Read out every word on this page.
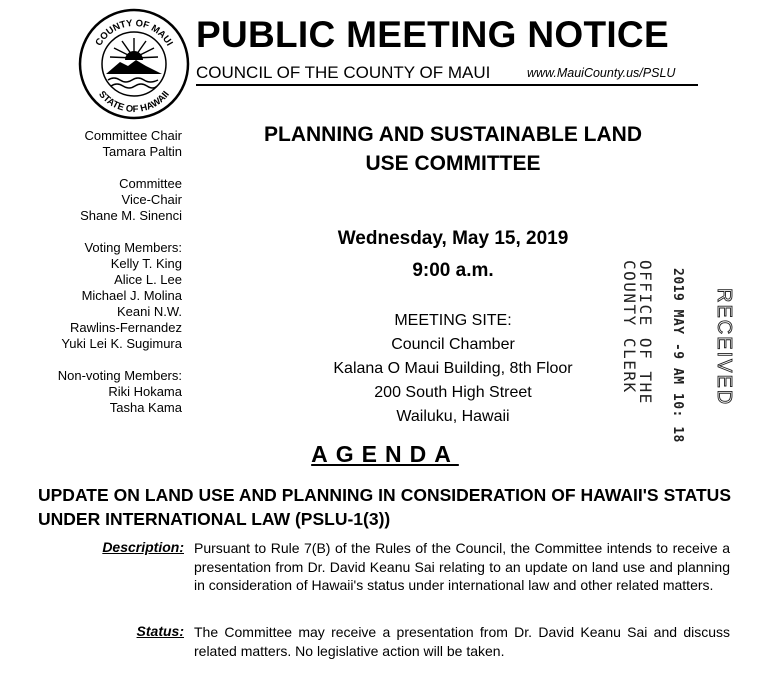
COUNTY OF MAUI
STATE OF HAWAII
PUBLIC MEETING NOTICE
COUNCIL OF THE COUNTY OF MAUI	www.MauiCounty.us/PSLU
Committee Chair
Tamara Paltin
Committee
Vice-Chair
Shane M. Sinenci
Voting Members:
Kelly T. King
Alice L. Lee
Michael J. Molina
Keani N.W.
Rawlins-Fernandez
Yuki Lei K. Sugimura
Non-voting Members:
Riki Hokama
Tasha Kama
PLANNING AND SUSTAINABLE LAND
USE COMMITTEE
Wednesday, May 15, 2019
9:00 a.m.
MEETING SITE:
Council Chamber
Kalana O Maui Building, 8th Floor
200 South High Street
Wailuku, Hawaii
OFFICE OF THE
COUNTY CLERK 2019 MAY -9 AM 10: 18 RECEIVED
AGENDA
UPDATE ON LAND USE AND PLANNING IN CONSIDERATION OF HAWAII'S STATUS UNDER INTERNATIONAL LAW (PSLU-1(3))
Description: Pursuant to Rule 7(B) of the Rules of the Council, the Committee intends to receive a presentation from Dr. David Keanu Sai relating to an update on land use and planning in consideration of Hawaii's status under international law and other related matters.
Status: The Committee may receive a presentation from Dr. David Keanu Sai and discuss related matters. No legislative action will be taken.
